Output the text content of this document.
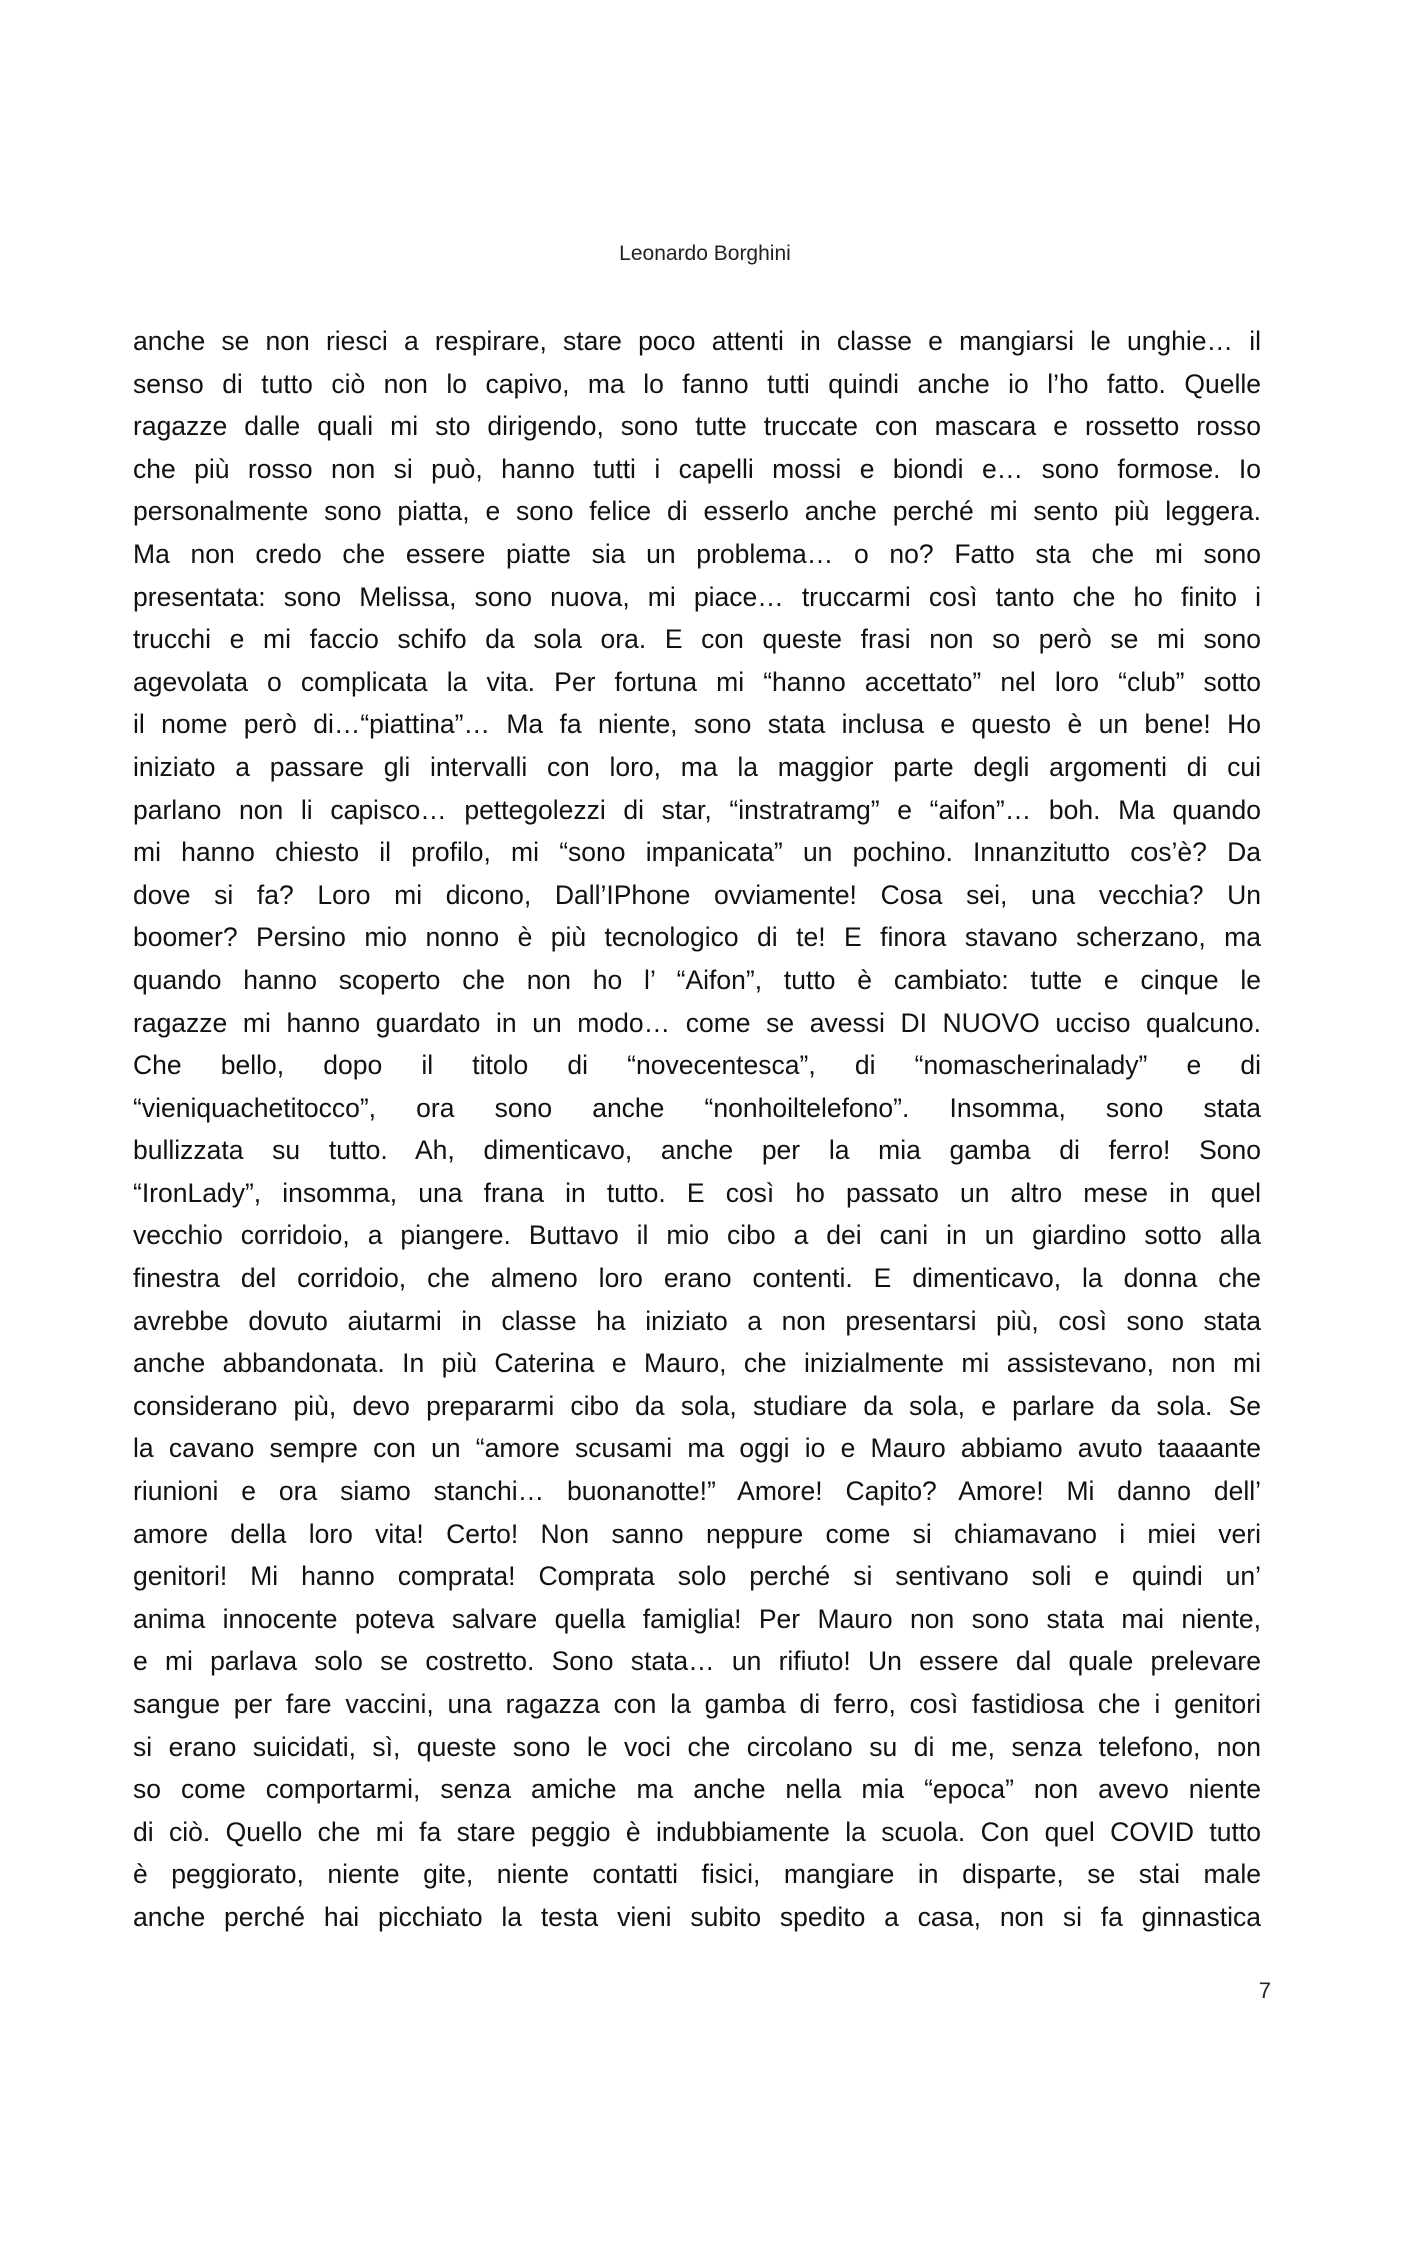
Leonardo Borghini
anche se non riesci a respirare, stare poco attenti in classe e mangiarsi le unghie… il
senso di tutto ciò non lo capivo, ma lo fanno tutti quindi anche io l’ho fatto. Quelle
ragazze dalle quali mi sto dirigendo, sono tutte truccate con mascara e rossetto rosso
che più rosso non si può, hanno tutti i capelli mossi e biondi e… sono formose. Io
personalmente sono piatta, e sono felice di esserlo anche perché mi sento più leggera.
Ma non credo che essere piatte sia un problema… o no? Fatto sta che mi sono
presentata: sono Melissa, sono nuova, mi piace… truccarmi così tanto che ho finito i
trucchi e mi faccio schifo da sola ora. E con queste frasi non so però se mi sono
agevolata o complicata la vita. Per fortuna mi “hanno accettato” nel loro “club” sotto
il nome però di…“piattina”… Ma fa niente, sono stata inclusa e questo è un bene! Ho
iniziato a passare gli intervalli con loro, ma la maggior parte degli argomenti di cui
parlano non li capisco… pettegolezzi di star, “instratramg” e “aifon”… boh. Ma quando
mi hanno chiesto il profilo, mi “sono impanicata” un pochino. Innanzitutto cos’è? Da
dove si fa? Loro mi dicono, Dall’IPhone ovviamente! Cosa sei, una vecchia? Un
boomer? Persino mio nonno è più tecnologico di te! E finora stavano scherzano, ma
quando hanno scoperto che non ho l’ “Aifon”, tutto è cambiato: tutte e cinque le
ragazze mi hanno guardato in un modo… come se avessi DI NUOVO ucciso qualcuno.
Che bello, dopo il titolo di “novecentesca”, di “nomascherinalady” e di
“vieniquachetitocco”, ora sono anche “nonhoiltelefono”. Insomma, sono stata
bullizzata su tutto. Ah, dimenticavo, anche per la mia gamba di ferro! Sono
“IronLady”, insomma, una frana in tutto. E così ho passato un altro mese in quel
vecchio corridoio, a piangere. Buttavo il mio cibo a dei cani in un giardino sotto alla
finestra del corridoio, che almeno loro erano contenti. E dimenticavo, la donna che
avrebbe dovuto aiutarmi in classe ha iniziato a non presentarsi più, così sono stata
anche abbandonata. In più Caterina e Mauro, che inizialmente mi assistevano, non mi
considerano più, devo prepararmi cibo da sola, studiare da sola, e parlare da sola. Se
la cavano sempre con un “amore scusami ma oggi io e Mauro abbiamo avuto taaaante
riunioni e ora siamo stanchi… buonanotte!” Amore! Capito? Amore! Mi danno dell’
amore della loro vita! Certo! Non sanno neppure come si chiamavano i miei veri
genitori! Mi hanno comprata! Comprata solo perché si sentivano soli e quindi un’
anima innocente poteva salvare quella famiglia! Per Mauro non sono stata mai niente,
e mi parlava solo se costretto. Sono stata… un rifiuto! Un essere dal quale prelevare
sangue per fare vaccini, una ragazza con la gamba di ferro, così fastidiosa che i genitori
si erano suicidati, sì, queste sono le voci che circolano su di me, senza telefono, non
so come comportarmi, senza amiche ma anche nella mia “epoca” non avevo niente
di ciò. Quello che mi fa stare peggio è indubbiamente la scuola. Con quel COVID tutto
è peggiorato, niente gite, niente contatti fisici, mangiare in disparte, se stai male
anche perché hai picchiato la testa vieni subito spedito a casa, non si fa ginnastica
7
